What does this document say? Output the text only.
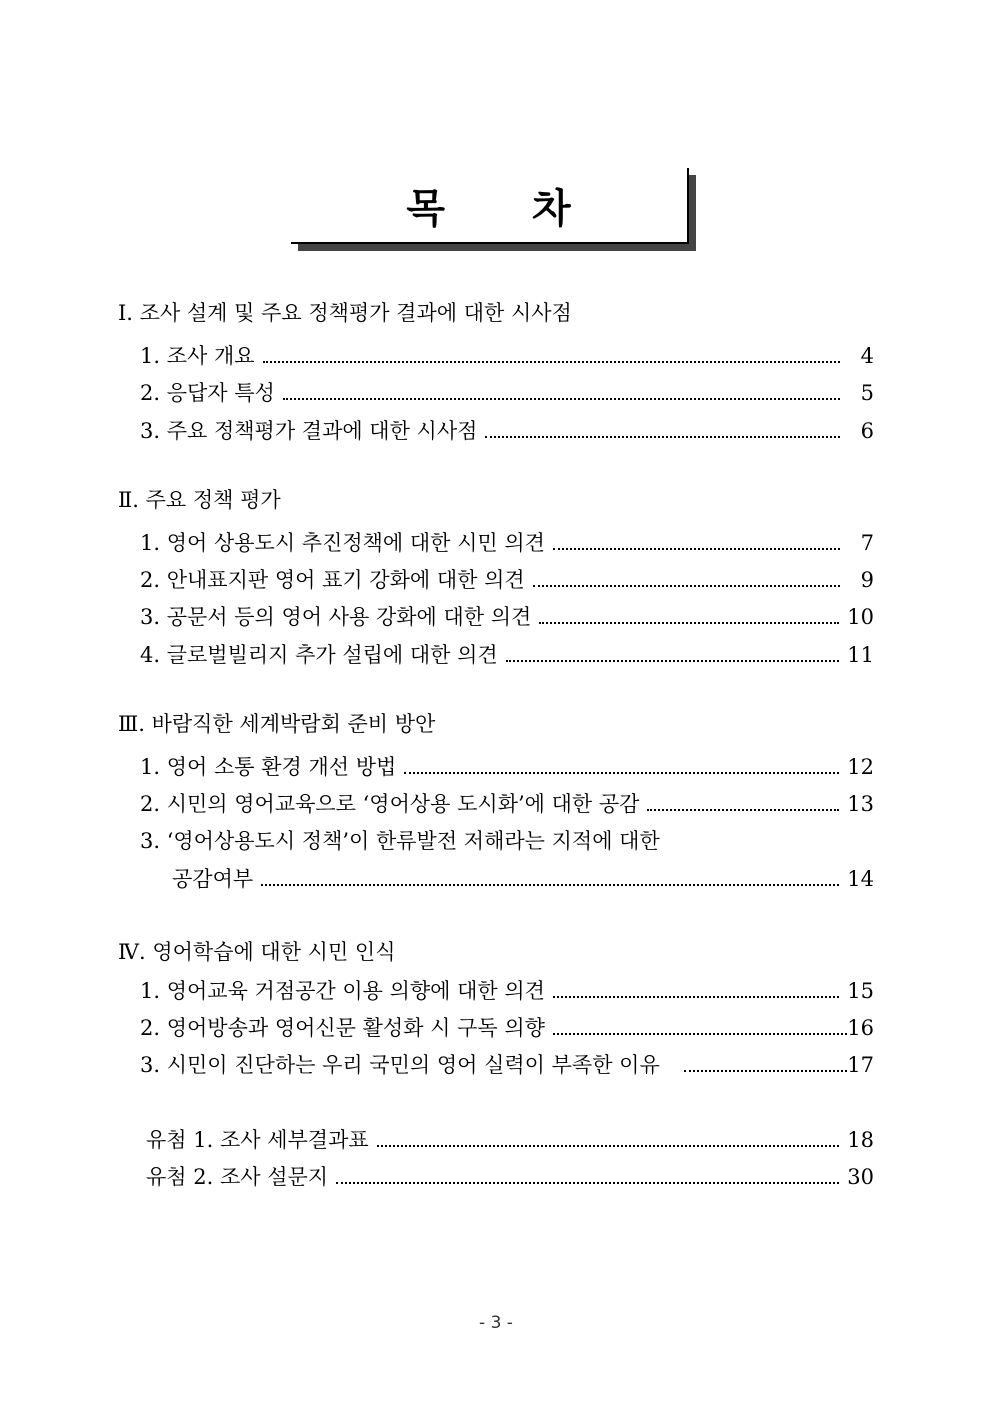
목 차
Ⅰ. 조사 설계 및 주요 정책평가 결과에 대한 시사점
1. 조사 개요	4
2. 응답자 특성	5
3. 주요 정책평가 결과에 대한 시사점	6
Ⅱ. 주요 정책 평가
1. 영어 상용도시 추진정책에 대한 시민 의견	7
2. 안내표지판 영어 표기 강화에 대한 의견	9
3. 공문서 등의 영어 사용 강화에 대한 의견	10
4. 글로벌빌리지 추가 설립에 대한 의견	11
Ⅲ. 바람직한 세계박람회 준비 방안
1. 영어 소통 환경 개선 방법	12
2. 시민의 영어교육으로 ‘영어상용 도시화’에 대한 공감	13
3. ‘영어상용도시 정책’이 한류발전 저해라는 지적에 대한
공감여부	14
Ⅳ. 영어학습에 대한 시민 인식
1. 영어교육 거점공간 이용 의향에 대한 의견	15
2. 영어방송과 영어신문 활성화 시 구독 의향	16
3. 시민이 진단하는 우리 국민의 영어 실력이 부족한 이유	17
유첨 1. 조사 세부결과표	18
유첨 2. 조사 설문지	30
- 3 -
